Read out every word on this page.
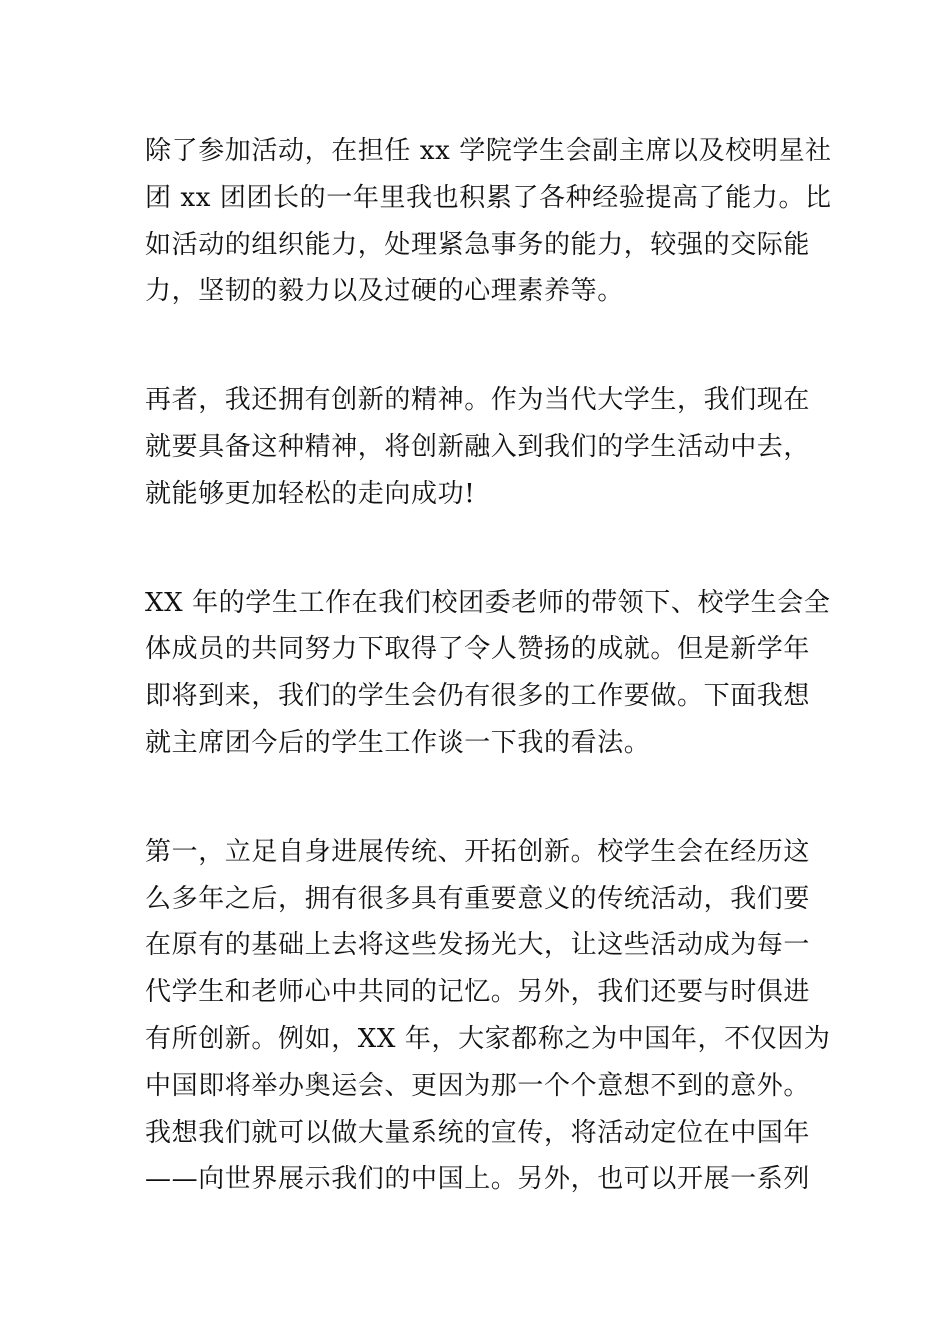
除了参加活动，在担任 xx 学院学生会副主席以及校明星社
团 xx 团团长的一年里我也积累了各种经验提高了能力。比
如活动的组织能力，处理紧急事务的能力，较强的交际能
力，坚韧的毅力以及过硬的心理素养等。

再者，我还拥有创新的精神。作为当代大学生，我们现在
就要具备这种精神，将创新融入到我们的学生活动中去，
就能够更加轻松的走向成功!

XX 年的学生工作在我们校团委老师的带领下、校学生会全
体成员的共同努力下取得了令人赞扬的成就。但是新学年
即将到来，我们的学生会仍有很多的工作要做。下面我想
就主席团今后的学生工作谈一下我的看法。

第一，立足自身进展传统、开拓创新。校学生会在经历这
么多年之后，拥有很多具有重要意义的传统活动，我们要
在原有的基础上去将这些发扬光大，让这些活动成为每一
代学生和老师心中共同的记忆。另外，我们还要与时俱进
有所创新。例如，XX 年，大家都称之为中国年，不仅因为
中国即将举办奥运会、更因为那一个个意想不到的意外。
我想我们就可以做大量系统的宣传，将活动定位在中国年
——向世界展示我们的中国上。另外，也可以开展一系列
